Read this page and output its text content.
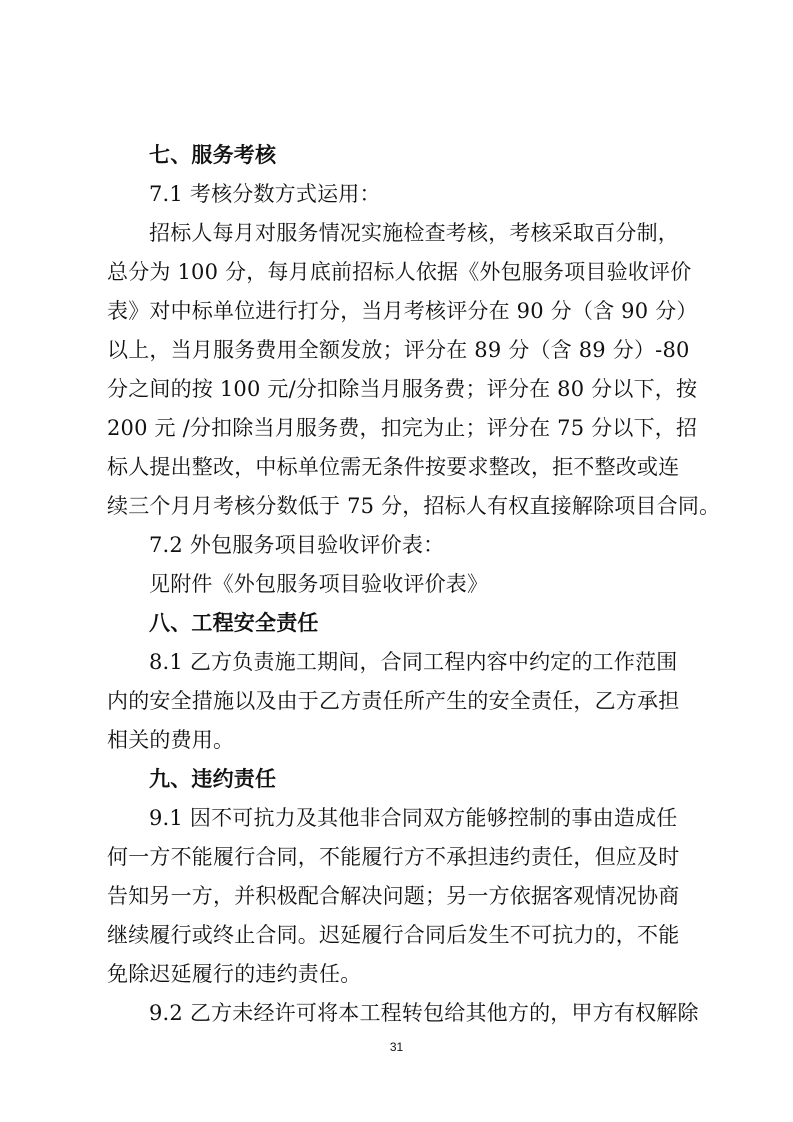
七、服务考核
7.1 考核分数方式运用：
招标人每月对服务情况实施检查考核，考核采取百分制，
总分为 100 分，每月底前招标人依据《外包服务项目验收评价
表》对中标单位进行打分，当月考核评分在 90 分（含 90 分）
以上，当月服务费用全额发放；评分在 89 分（含 89 分）-80
分之间的按 100 元/分扣除当月服务费；评分在 80 分以下，按
200 元 /分扣除当月服务费，扣完为止；评分在 75 分以下，招
标人提出整改，中标单位需无条件按要求整改，拒不整改或连
续三个月月考核分数低于 75 分，招标人有权直接解除项目合同。
7.2 外包服务项目验收评价表：
见附件《外包服务项目验收评价表》
八、工程安全责任
8.1 乙方负责施工期间，合同工程内容中约定的工作范围
内的安全措施以及由于乙方责任所产生的安全责任，乙方承担
相关的费用。
九、违约责任
9.1 因不可抗力及其他非合同双方能够控制的事由造成任
何一方不能履行合同，不能履行方不承担违约责任，但应及时
告知另一方，并积极配合解决问题；另一方依据客观情况协商
继续履行或终止合同。迟延履行合同后发生不可抗力的，不能
免除迟延履行的违约责任。
9.2 乙方未经许可将本工程转包给其他方的，甲方有权解除
31
